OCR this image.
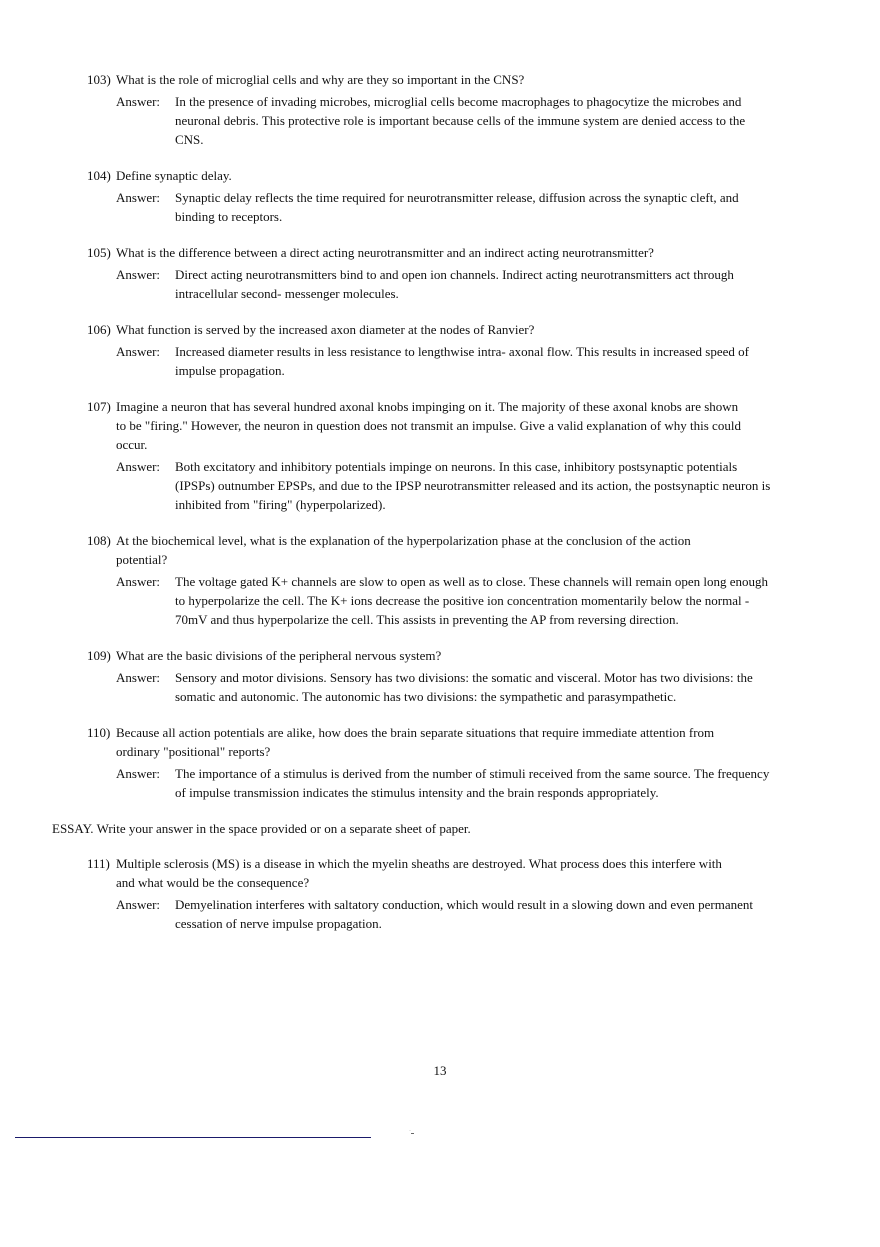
103) What is the role of microglial cells and why are they so important in the CNS?
Answer:	In the presence of invading microbes, microglial cells become macrophages to phagocytize the microbes and neuronal debris. This protective role is important because cells of the immune system are denied access to the CNS.
104) Define synaptic delay.
Answer:	Synaptic delay reflects the time required for neurotransmitter release, diffusion across the synaptic cleft, and binding to receptors.
105) What is the difference between a direct acting neurotransmitter and an indirect acting neurotransmitter?
Answer:	Direct acting neurotransmitters bind to and open ion channels. Indirect acting neurotransmitters act through intracellular second- messenger molecules.
106) What function is served by the increased axon diameter at the nodes of Ranvier?
Answer:	Increased diameter results in less resistance to lengthwise intra- axonal flow. This results in increased speed of impulse propagation.
107) Imagine a neuron that has several hundred axonal knobs impinging on it. The majority of these axonal knobs are shown to be "firing." However, the neuron in question does not transmit an impulse. Give a valid explanation of why this could occur.
Answer:	Both excitatory and inhibitory potentials impinge on neurons. In this case, inhibitory postsynaptic potentials (IPSPs) outnumber EPSPs, and due to the IPSP neurotransmitter released and its action, the postsynaptic neuron is inhibited from "firing" (hyperpolarized).
108) At the biochemical level, what is the explanation of the hyperpolarization phase at the conclusion of the action potential?
Answer:	The voltage gated K+ channels are slow to open as well as to close. These channels will remain open long enough to hyperpolarize the cell. The K+ ions decrease the positive ion concentration momentarily below the normal - 70mV and thus hyperpolarize the cell. This assists in preventing the AP from reversing direction.
109) What are the basic divisions of the peripheral nervous system?
Answer:	Sensory and motor divisions. Sensory has two divisions: the somatic and visceral. Motor has two divisions: the somatic and autonomic. The autonomic has two divisions: the sympathetic and parasympathetic.
110) Because all action potentials are alike, how does the brain separate situations that require immediate attention from ordinary "positional" reports?
Answer:	The importance of a stimulus is derived from the number of stimuli received from the same source. The frequency of impulse transmission indicates the stimulus intensity and the brain responds appropriately.
ESSAY. Write your answer in the space provided or on a separate sheet of paper.
111) Multiple sclerosis (MS) is a disease in which the myelin sheaths are destroyed. What process does this interfere with and what would be the consequence?
Answer:	Demyelination interferes with saltatory conduction, which would result in a slowing down and even permanent cessation of nerve impulse propagation.
13
..
